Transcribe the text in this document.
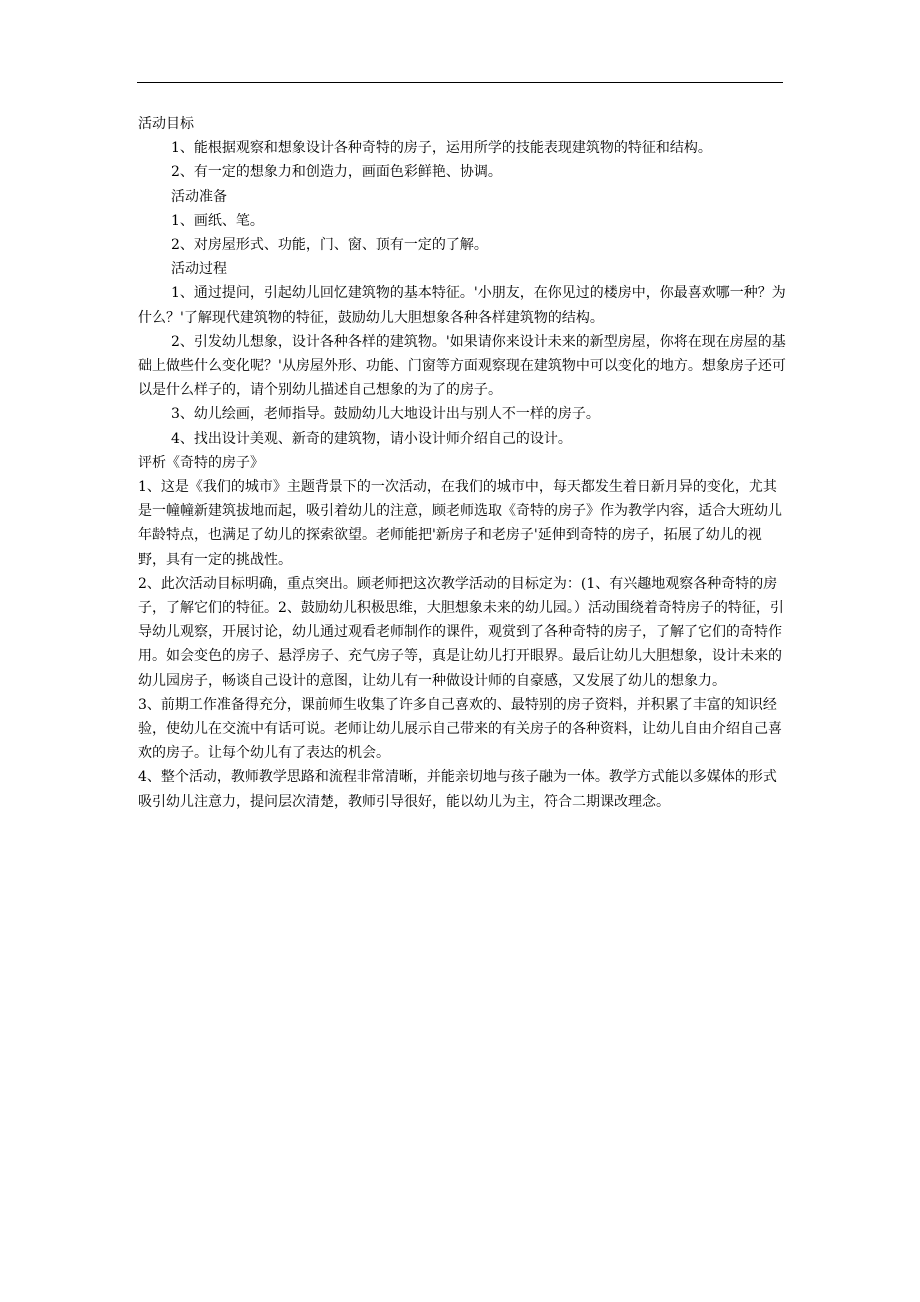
活动目标
1、能根据观察和想象设计各种奇特的房子，运用所学的技能表现建筑物的特征和结构。
2、有一定的想象力和创造力，画面色彩鲜艳、协调。
活动准备
1、画纸、笔。
2、对房屋形式、功能，门、窗、顶有一定的了解。
活动过程
1、通过提问，引起幼儿回忆建筑物的基本特征。'小朋友，在你见过的楼房中，你最喜欢哪一种？为什么？'了解现代建筑物的特征，鼓励幼儿大胆想象各种各样建筑物的结构。
2、引发幼儿想象，设计各种各样的建筑物。'如果请你来设计未来的新型房屋，你将在现在房屋的基础上做些什么变化呢？'从房屋外形、功能、门窗等方面观察现在建筑物中可以变化的地方。想象房子还可以是什么样子的，请个别幼儿描述自己想象的为了的房子。
3、幼儿绘画，老师指导。鼓励幼儿大地设计出与别人不一样的房子。
4、找出设计美观、新奇的建筑物，请小设计师介绍自己的设计。
评析《奇特的房子》
1、这是《我们的城市》主题背景下的一次活动，在我们的城市中，每天都发生着日新月异的变化，尤其是一幢幢新建筑拔地而起，吸引着幼儿的注意，顾老师选取《奇特的房子》作为教学内容，适合大班幼儿年龄特点，也满足了幼儿的探索欲望。老师能把'新房子和老房子'延伸到奇特的房子，拓展了幼儿的视野，具有一定的挑战性。
2、此次活动目标明确，重点突出。顾老师把这次教学活动的目标定为：(1、有兴趣地观察各种奇特的房子，了解它们的特征。2、鼓励幼儿积极思维，大胆想象未来的幼儿园。）活动围绕着奇特房子的特征，引导幼儿观察，开展讨论，幼儿通过观看老师制作的课件，观赏到了各种奇特的房子，了解了它们的奇特作用。如会变色的房子、悬浮房子、充气房子等，真是让幼儿打开眼界。最后让幼儿大胆想象，设计未来的幼儿园房子，畅谈自己设计的意图，让幼儿有一种做设计师的自豪感，又发展了幼儿的想象力。
3、前期工作准备得充分，课前师生收集了许多自己喜欢的、最特别的房子资料，并积累了丰富的知识经验，使幼儿在交流中有话可说。老师让幼儿展示自己带来的有关房子的各种资料，让幼儿自由介绍自己喜欢的房子。让每个幼儿有了表达的机会。
4、整个活动，教师教学思路和流程非常清晰，并能亲切地与孩子融为一体。教学方式能以多媒体的形式吸引幼儿注意力，提问层次清楚，教师引导很好，能以幼儿为主，符合二期课改理念。
